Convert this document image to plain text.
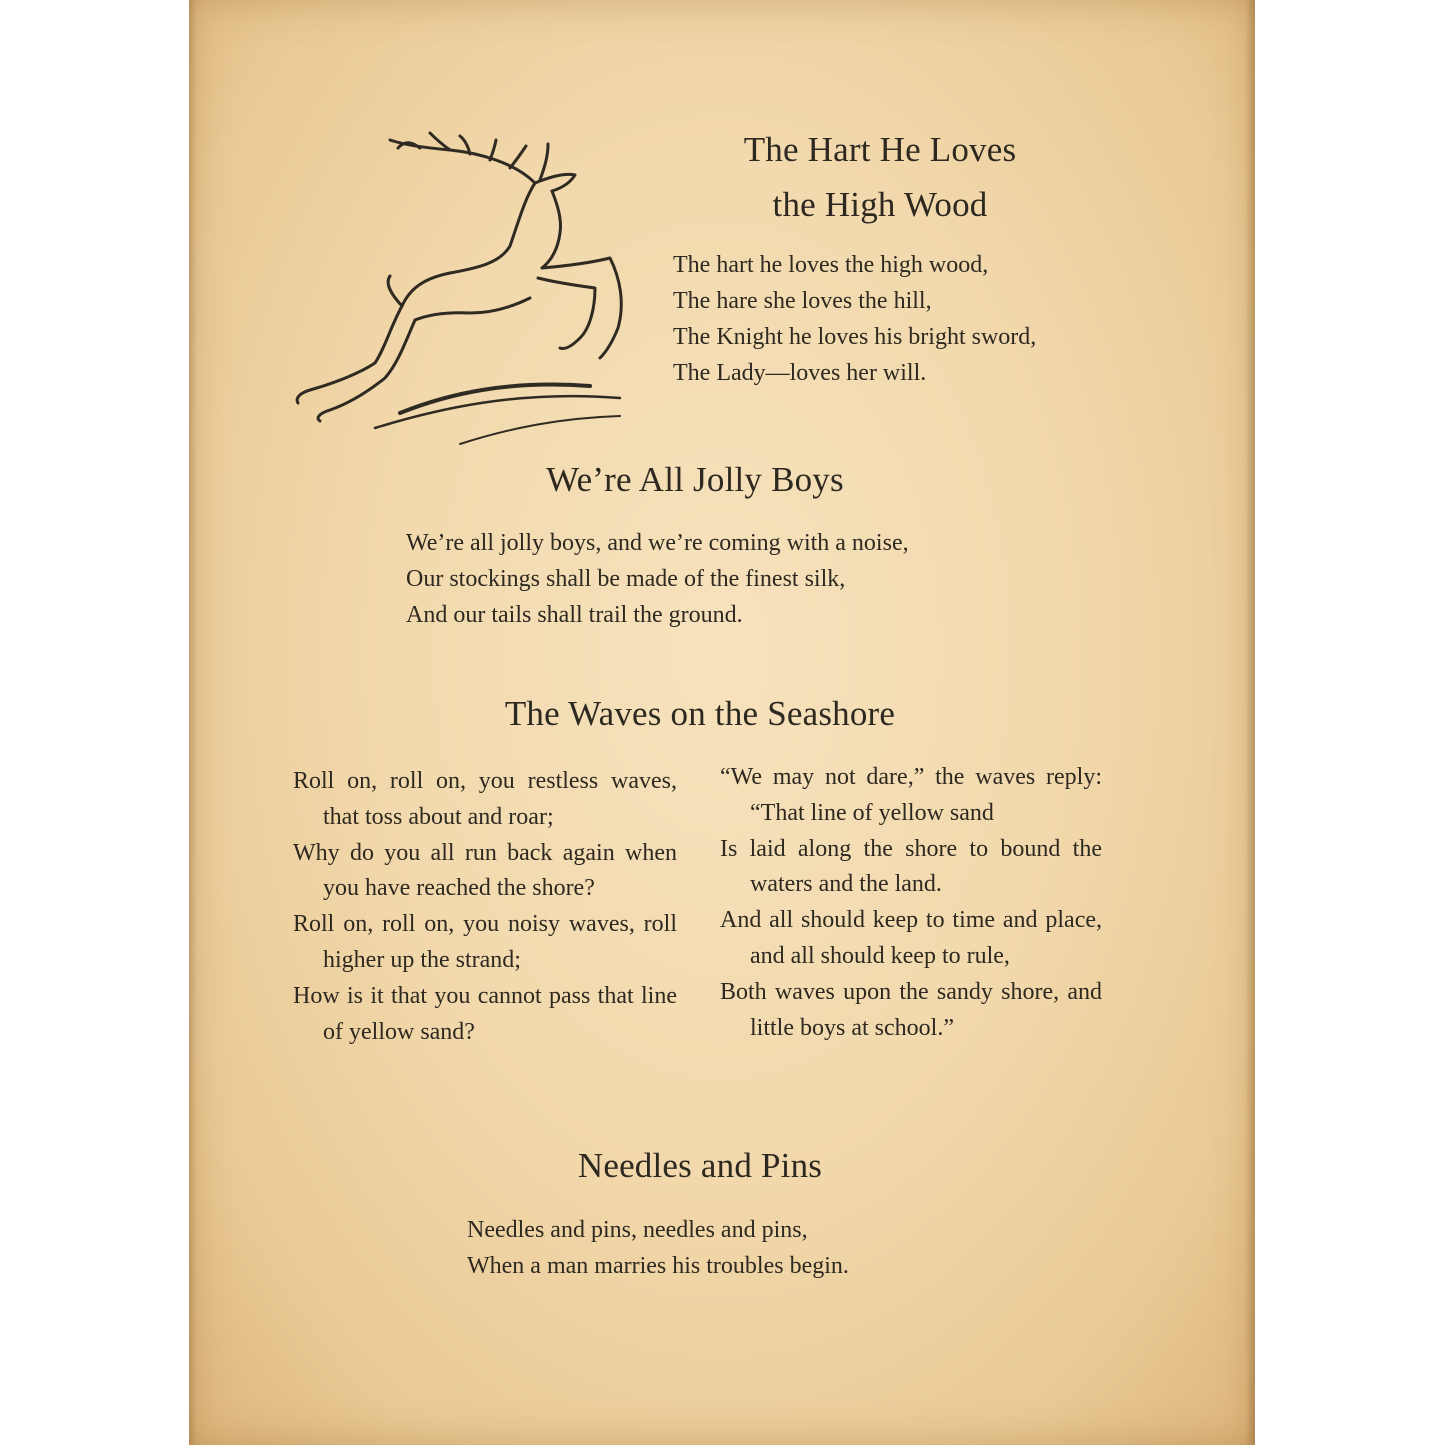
The Hart He Loves
the High Wood
The hart he loves the high wood,
The hare she loves the hill,
The Knight he loves his bright sword,
The Lady—loves her will.
We’re All Jolly Boys
We’re all jolly boys, and we’re coming with a noise,
Our stockings shall be made of the finest silk,
And our tails shall trail the ground.
The Waves on the Seashore

Roll on, roll on, you restless waves, that toss about and roar;

Why do you all run back again when you have reached the shore?

Roll on, roll on, you noisy waves, roll higher up the strand;

How is it that you cannot pass that line of yellow sand?

“We may not dare,” the waves reply: “That line of yellow sand

Is laid along the shore to bound the waters and the land.

And all should keep to time and place, and all should keep to rule,

Both waves upon the sandy shore, and little boys at school.”

Needles and Pins
Needles and pins, needles and pins,
When a man marries his troubles begin.
